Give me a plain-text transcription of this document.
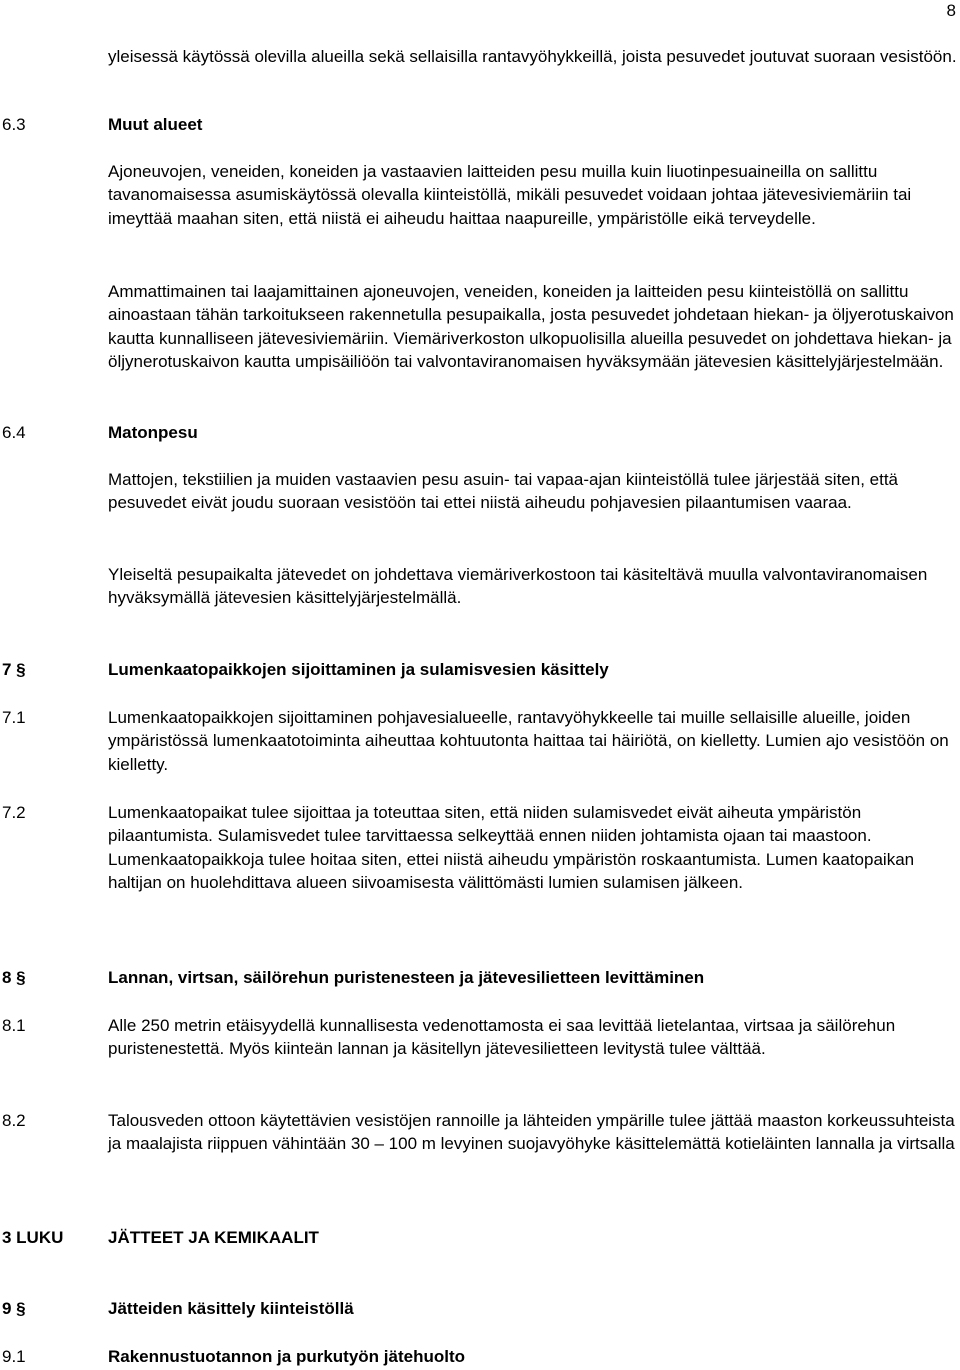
8
yleisessä käytössä olevilla alueilla sekä sellaisilla rantavyöhykkeillä, joista pesuvedet joutuvat suoraan vesistöön.
6.3	Muut alueet
Ajoneuvojen, veneiden, koneiden ja vastaavien laitteiden pesu muilla kuin liuotinpesuaineilla on sallittu tavanomaisessa asumiskäytössä olevalla kiinteistöllä, mikäli pesuvedet voidaan johtaa jätevesiviemäriin tai imeyttää maahan siten, että niistä ei aiheudu haittaa naapureille, ympäristölle eikä terveydelle.
Ammattimainen tai laajamittainen ajoneuvojen, veneiden, koneiden ja laitteiden pesu kiinteistöllä on sallittu ainoastaan tähän tarkoitukseen rakennetulla pesupaikalla, josta pesuvedet johdetaan hiekan- ja öljyerotuskaivon kautta kunnalliseen jätevesiviemäriin. Viemäriverkoston ulkopuolisilla alueilla pesuvedet on johdettava hiekan- ja öljynerotuskaivon kautta umpisäiliöön tai valvontaviranomaisen hyväksymään jätevesien käsittelyjärjestelmään.
6.4	Matonpesu
Mattojen, tekstiilien ja muiden vastaavien pesu asuin- tai vapaa-ajan kiinteistöllä tulee järjestää siten, että pesuvedet eivät joudu suoraan vesistöön tai ettei niistä aiheudu pohjavesien pilaantumisen vaaraa.
Yleiseltä pesupaikalta jätevedet on johdettava viemäriverkostoon tai käsiteltävä muulla valvontaviranomaisen hyväksymällä jätevesien käsittelyjärjestelmällä.
7 §	Lumenkaatopaikkojen sijoittaminen ja sulamisvesien käsittely
7.1	Lumenkaatopaikkojen sijoittaminen pohjavesialueelle, rantavyöhykkeelle tai muille sellaisille alueille, joiden ympäristössä lumenkaatotoiminta aiheuttaa kohtuutonta haittaa tai häiriötä, on kielletty. Lumien ajo vesistöön on kielletty.
7.2	Lumenkaatopaikat tulee sijoittaa ja toteuttaa siten, että niiden sulamisvedet eivät aiheuta ympäristön pilaantumista. Sulamisvedet tulee tarvittaessa selkeyttää ennen niiden johtamista ojaan tai maastoon. Lumenkaatopaikkoja tulee hoitaa siten, ettei niistä aiheudu ympäristön roskaantumista. Lumen kaatopaikan haltijan on huolehdittava alueen siivoamisesta välittömästi lumien sulamisen jälkeen.
8 §	Lannan, virtsan, säilörehun puristenesteen ja jätevesilietteen levittäminen
8.1	Alle 250 metrin etäisyydellä kunnallisesta vedenottamosta ei saa levittää lietelantaa, virtsaa ja säilörehun puristenestettä. Myös kiinteän lannan ja käsitellyn jätevesilietteen levitystä tulee välttää.
8.2	Talousveden ottoon käytettävien vesistöjen rannoille ja lähteiden ympärille tulee jättää maaston korkeussuhteista ja maalajista riippuen vähintään 30 – 100 m levyinen suojavyöhyke käsittelemättä kotieläinten lannalla ja virtsalla
3 LUKU	JÄTTEET JA KEMIKAALIT
9 §	Jätteiden käsittely kiinteistöllä
9.1	Rakennustuotannon ja purkutyön jätehuolto
